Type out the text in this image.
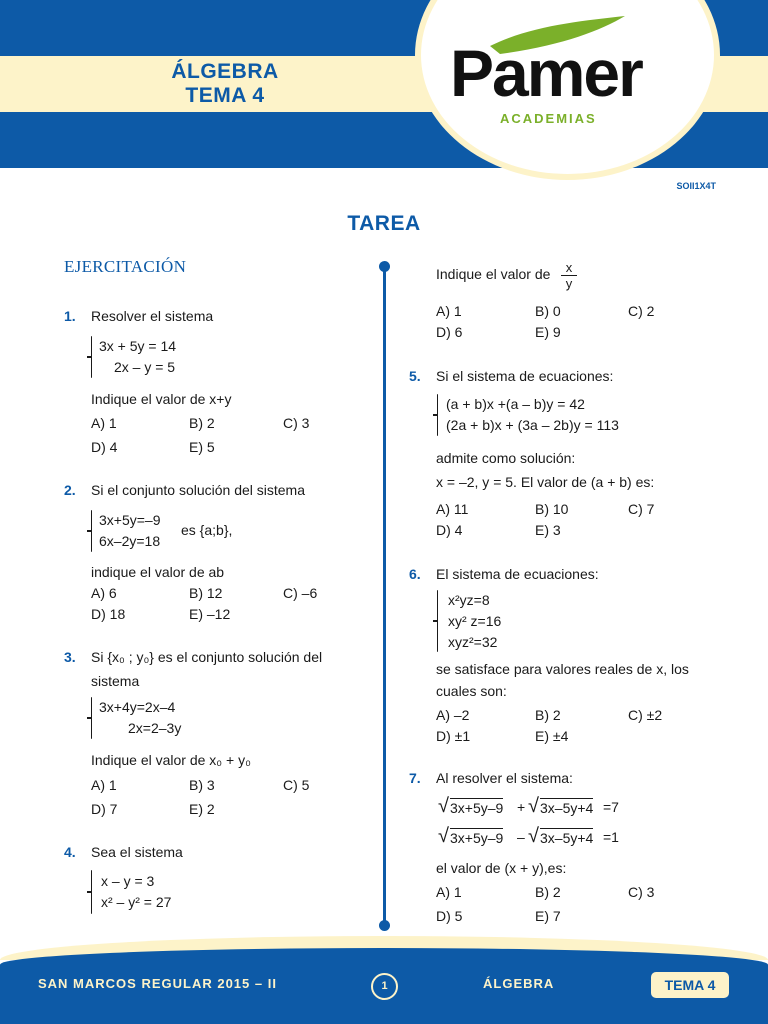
ÁLGEBRA
TEMA 4	Pamer
ACADEMIAS
SOII1X4T
TAREA
EJERCITACIÓN
1. Resolver el sistema
3x + 5y = 14
2x – y = 5
Indique el valor de x+y
A) 1	B) 2	C) 3
D) 4	E) 5
2. Si el conjunto solución del sistema
3x+5y=–9
6x–2y=18
es {a;b},
indique el valor de ab
A) 6	B) 12	C) –6
D) 18	E) –12
3. Si {x₀ ; y₀} es el conjunto solución del
sistema
3x+4y=2x–4
2x=2–3y
Indique el valor de x₀ + y₀
A) 1	B) 3	C) 5
D) 7	E) 2
4. Sea el sistema
x – y = 3
x² – y² = 27
Indique el valor de $\frac{x}{y}$
A) 1	B) 0	C) 2
D) 6	E) 9
5. Si el sistema de ecuaciones:
(a + b)x +(a – b)y = 42
(2a + b)x + (3a – 2b)y = 113
admite como solución:
x = –2, y = 5. El valor de (a + b) es:
A) 11	B) 10	C) 7
D) 4	E) 3
6. El sistema de ecuaciones:
x²yz=8
xy² z=16
xyz²=32
se satisface para valores reales de x, los
cuales son:
A) –2	B) 2	C) ±2
D) ±1	E) ±4
7. Al resolver el sistema:
√ 3x+5y–9 + √ 3x–5y+4 =7
√ 3x+5y–9 – √ 3x–5y+4 =1
el valor de (x + y),es:
A) 1	B) 2	C) 3
D) 5	E) 7
SAN MARCOS REGULAR 2015 – II	1	ÁLGEBRA	TEMA 4
